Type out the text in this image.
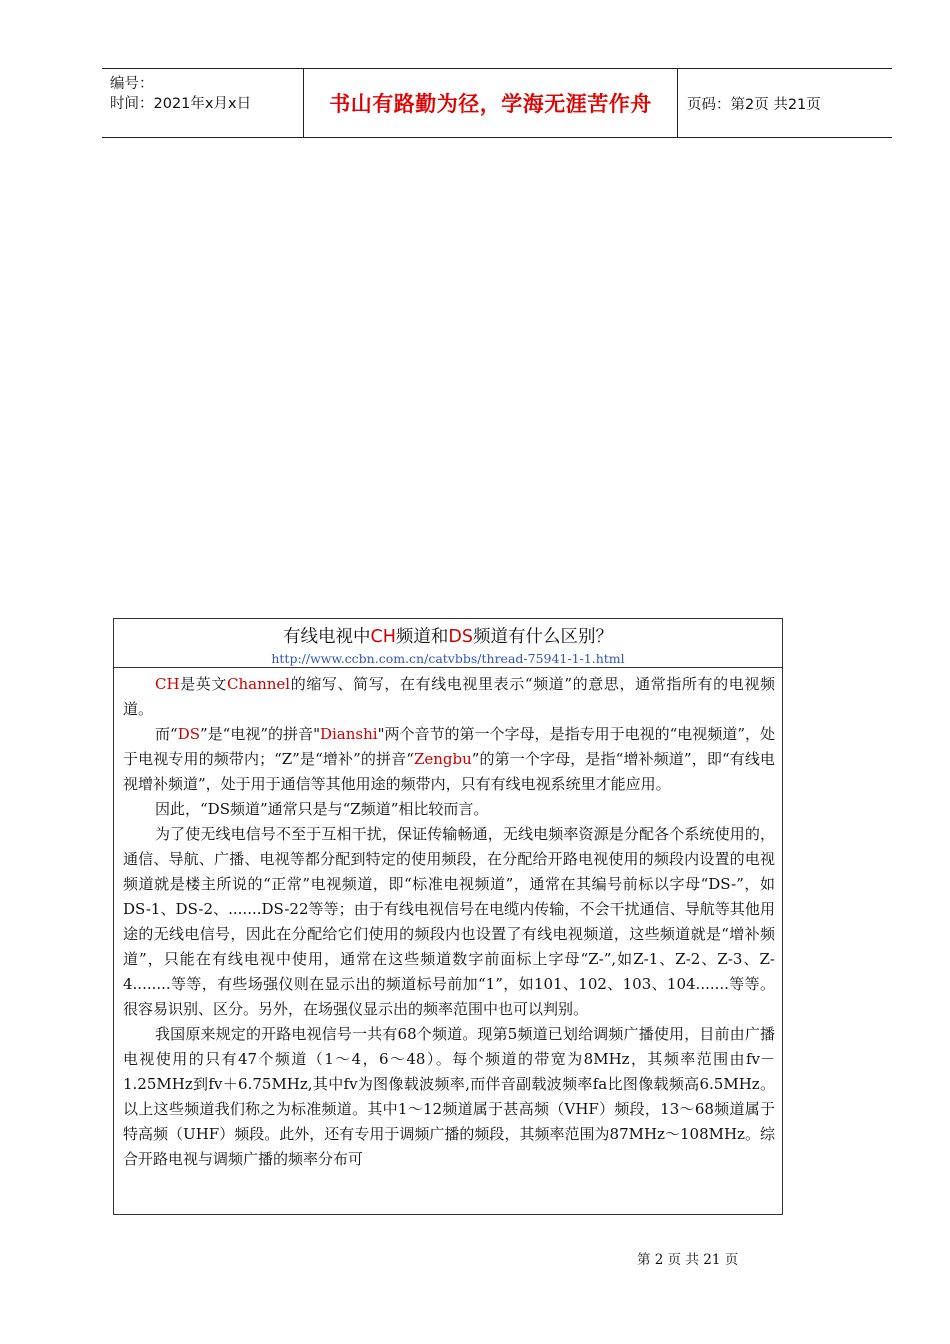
编号：
时间：2021年x月x日	书山有路勤为径，学海无涯苦作舟	页码：第2页 共21页
有线电视中CH频道和DS频道有什么区别？
http://www.ccbn.com.cn/catvbbs/thread-75941-1-1.html

CH是英文Channel的缩写、简写，在有线电视里表示“频道”的意思，通常指所有的电视频道。

而“DS”是“电视”的拼音"Dianshi"两个音节的第一个字母，是指专用于电视的“电视频道”，处于电视专用的频带内；“Z”是“增补”的拼音“Zengbu”的第一个字母，是指“增补频道”，即“有线电视增补频道”，处于用于通信等其他用途的频带内，只有有线电视系统里才能应用。

因此，“DS频道”通常只是与“Z频道”相比较而言。

为了使无线电信号不至于互相干扰，保证传输畅通，无线电频率资源是分配各个系统使用的，通信、导航、广播、电视等都分配到特定的使用频段，在分配给开路电视使用的频段内设置的电视频道就是楼主所说的“正常”电视频道，即“标准电视频道”，通常在其编号前标以字母“DS-”，如DS-1、DS-2、.......DS-22等等；由于有线电视信号在电缆内传输，不会干扰通信、导航等其他用途的无线电信号，因此在分配给它们使用的频段内也设置了有线电视频道，这些频道就是“增补频道”，只能在有线电视中使用，通常在这些频道数字前面标上字母“Z-”,如Z-1、Z-2、Z-3、Z-4........等等，有些场强仪则在显示出的频道标号前加“1”，如101、102、103、104.......等等。很容易识别、区分。另外，在场强仪显示出的频率范围中也可以判别。

我国原来规定的开路电视信号一共有68个频道。现第5频道已划给调频广播使用，目前由广播电视使用的只有47个频道（1～4，6～48）。每个频道的带宽为8MHz，其频率范围由fv－1.25MHz到fv＋6.75MHz,其中fv为图像载波频率,而伴音副载波频率fa比图像载频高6.5MHz。以上这些频道我们称之为标准频道。其中1～12频道属于甚高频（VHF）频段，13～68频道属于特高频（UHF）频段。此外，还有专用于调频广播的频段，其频率范围为87MHz～108MHz。综合开路电视与调频广播的频率分布可

第 2 页 共 21 页
